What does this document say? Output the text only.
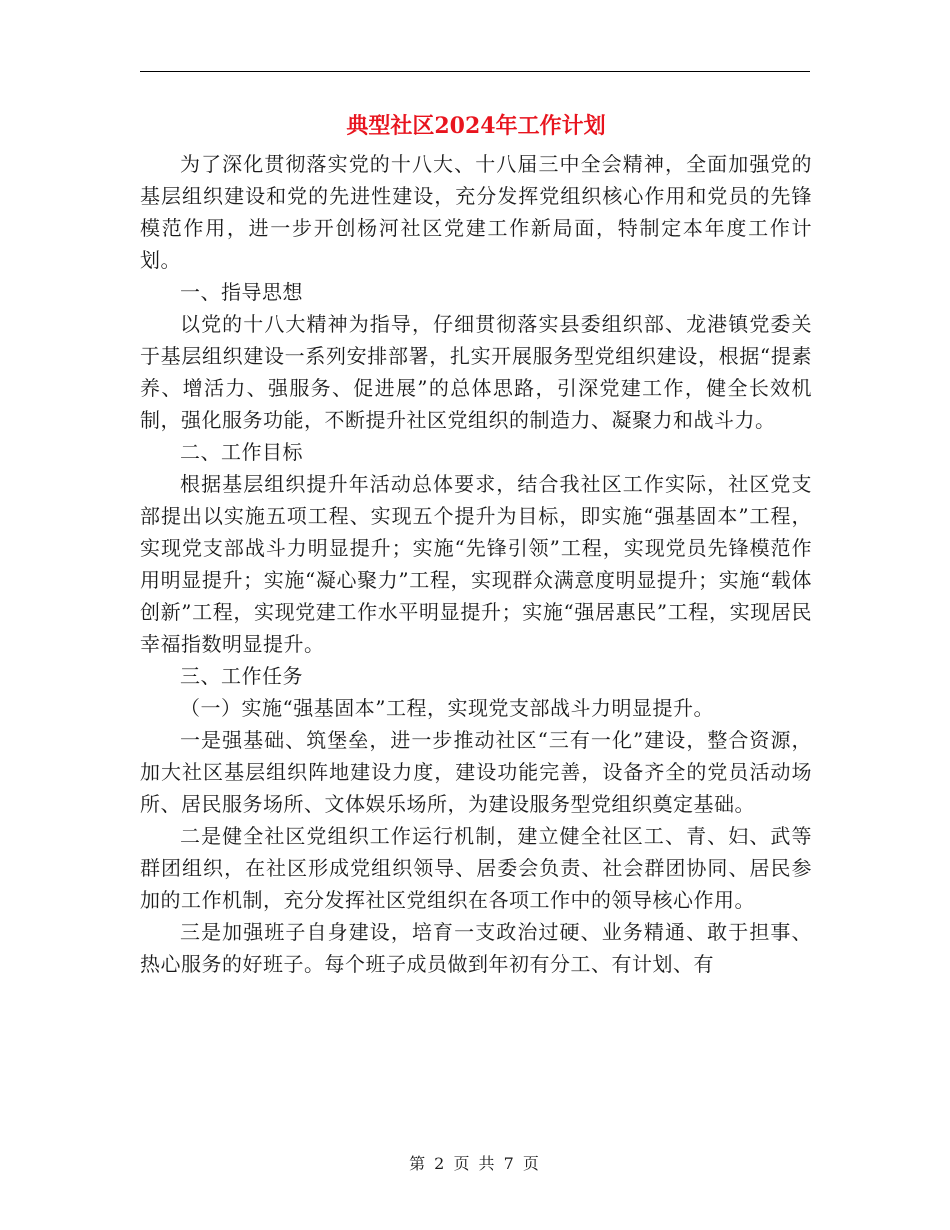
典型社区2024年工作计划

为了深化贯彻落实党的十八大、十八届三中全会精神，全面加强党的基层组织建设和党的先进性建设，充分发挥党组织核心作用和党员的先锋模范作用，进一步开创杨河社区党建工作新局面，特制定本年度工作计划。

一、指导思想

以党的十八大精神为指导，仔细贯彻落实县委组织部、龙港镇党委关于基层组织建设一系列安排部署，扎实开展服务型党组织建设，根据“提素养、增活力、强服务、促进展”的总体思路，引深党建工作，健全长效机制，强化服务功能，不断提升社区党组织的制造力、凝聚力和战斗力。

二、工作目标

根据基层组织提升年活动总体要求，结合我社区工作实际，社区党支部提出以实施五项工程、实现五个提升为目标，即实施“强基固本”工程，实现党支部战斗力明显提升；实施“先锋引领”工程，实现党员先锋模范作用明显提升；实施“凝心聚力”工程，实现群众满意度明显提升；实施“载体创新”工程，实现党建工作水平明显提升；实施“强居惠民”工程，实现居民幸福指数明显提升。

三、工作任务

（一）实施“强基固本”工程，实现党支部战斗力明显提升。

一是强基础、筑堡垒，进一步推动社区“三有一化”建设，整合资源，加大社区基层组织阵地建设力度，建设功能完善，设备齐全的党员活动场所、居民服务场所、文体娱乐场所，为建设服务型党组织奠定基础。

二是健全社区党组织工作运行机制，建立健全社区工、青、妇、武等群团组织，在社区形成党组织领导、居委会负责、社会群团协同、居民参加的工作机制，充分发挥社区党组织在各项工作中的领导核心作用。

三是加强班子自身建设，培育一支政治过硬、业务精通、敢于担事、热心服务的好班子。每个班子成员做到年初有分工、有计划、有

第 2 页 共 7 页
